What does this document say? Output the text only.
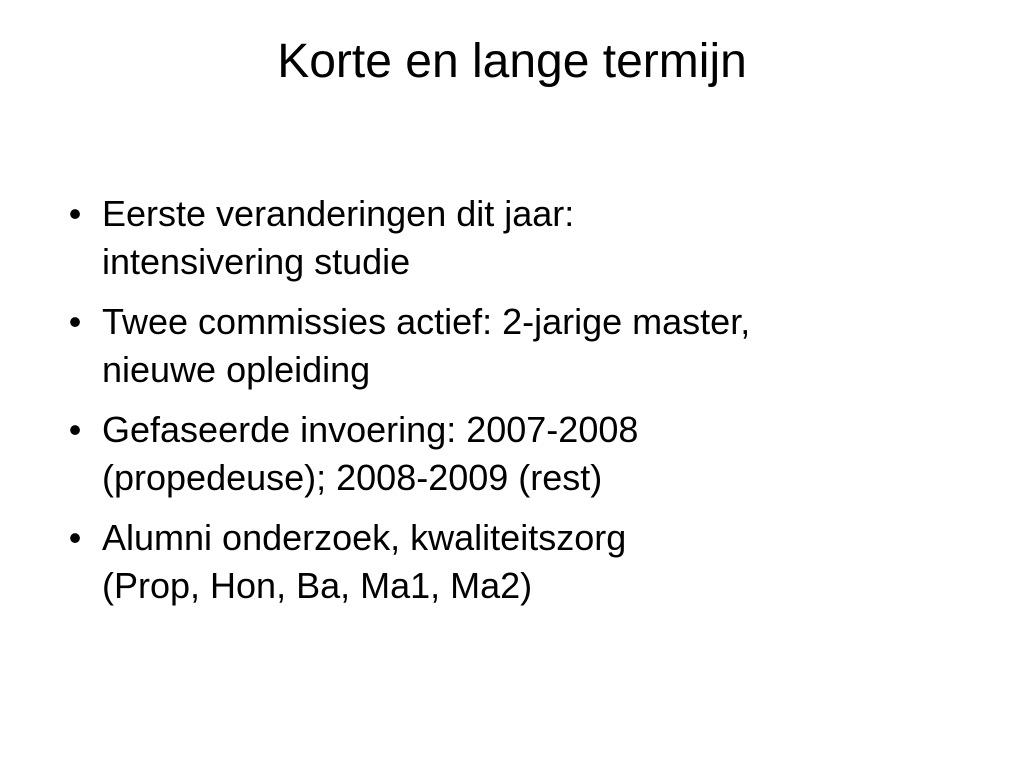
Korte en lange termijn
• Eerste veranderingen dit jaar:
intensivering studie
• Twee commissies actief: 2-jarige master,
nieuwe opleiding
• Gefaseerde invoering: 2007-2008
(propedeuse); 2008-2009 (rest)
• Alumni onderzoek, kwaliteitszorg
(Prop, Hon, Ba, Ma1, Ma2)
